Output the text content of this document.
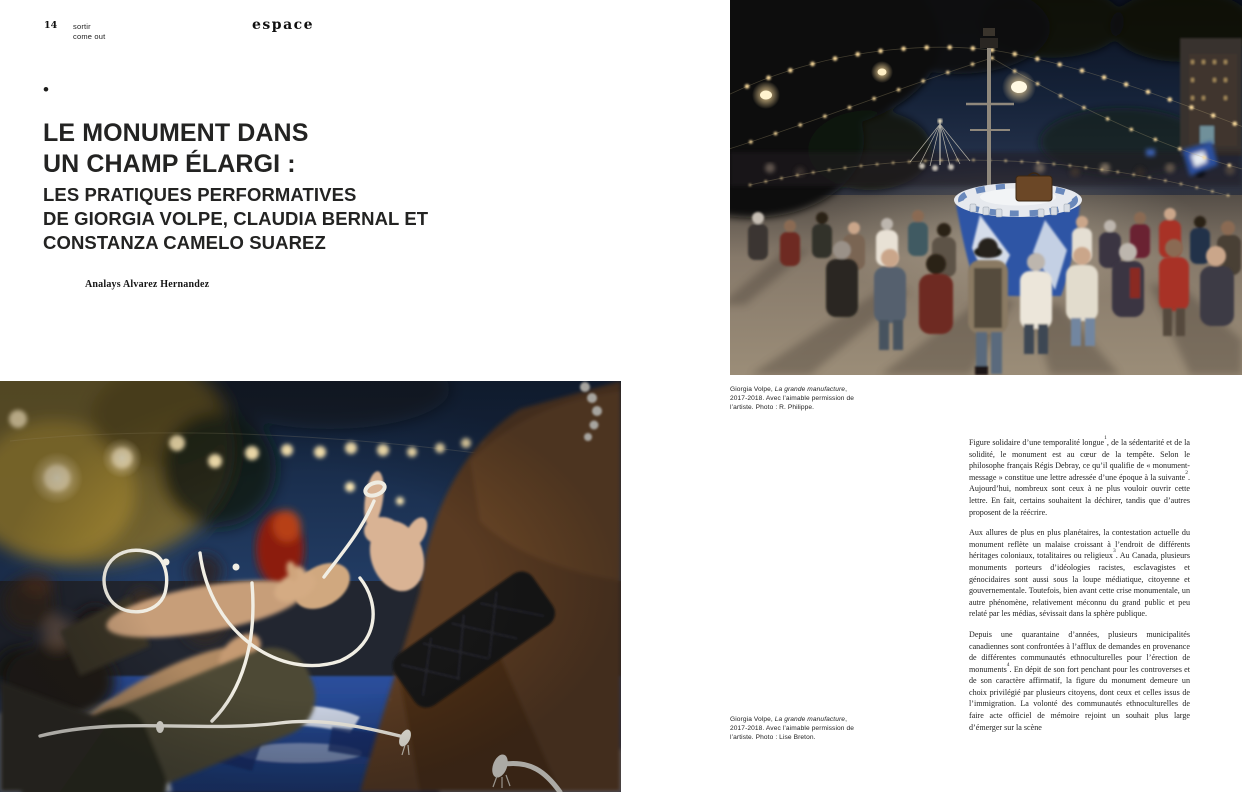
14 sortir
come out
espace
•
LE MONUMENT DANS
UN CHAMP ÉLARGI :
LES PRATIQUES PERFORMATIVES
DE GIORGIA VOLPE, CLAUDIA BERNAL ET
CONSTANZA CAMELO SUAREZ
Analays Alvarez Hernandez
Giorgia Volpe, La grande manufacture, 2017-2018. Avec l’aimable permission de l’artiste. Photo : R. Philippe.
Giorgia Volpe, La grande manufacture, 2017-2018. Avec l’aimable permission de l’artiste. Photo : Lise Breton.

Figure solidaire d’une temporalité longue$^1$, de la sédentarité et de la solidité, le monument est au cœur de la tempête. Selon le philosophe français Régis Debray, ce qu’il qualifie de « monument-message » constitue une lettre adressée d’une époque à la suivante$^2$. Aujourd’hui, nombreux sont ceux à ne plus vouloir ouvrir cette lettre. En fait, certains souhaitent la déchirer, tandis que d’autres proposent de la réécrire.

Aux allures de plus en plus planétaires, la contestation actuelle du monument reflète un malaise croissant à l’endroit de différents héritages coloniaux, totalitaires ou religieux$^3$. Au Canada, plusieurs monuments porteurs d’idéologies racistes, esclavagistes et génocidaires sont aussi sous la loupe médiatique, citoyenne et gouvernementale. Toutefois, bien avant cette crise monumentale, un autre phénomène, relativement méconnu du grand public et peu relaté par les médias, sévissait dans la sphère publique.

Depuis une quarantaine d’années, plusieurs municipalités canadiennes sont confrontées à l’afflux de demandes en provenance de différentes communautés ethnoculturelles pour l’érection de monuments$^4$. En dépit de son fort penchant pour les controverses et de son caractère affirmatif, la figure du monument demeure un choix privilégié par plusieurs citoyens, dont ceux et celles issus de l’immigration. La volonté des communautés ethnoculturelles de faire acte officiel de mémoire rejoint un souhait plus large d’émerger sur la scène
